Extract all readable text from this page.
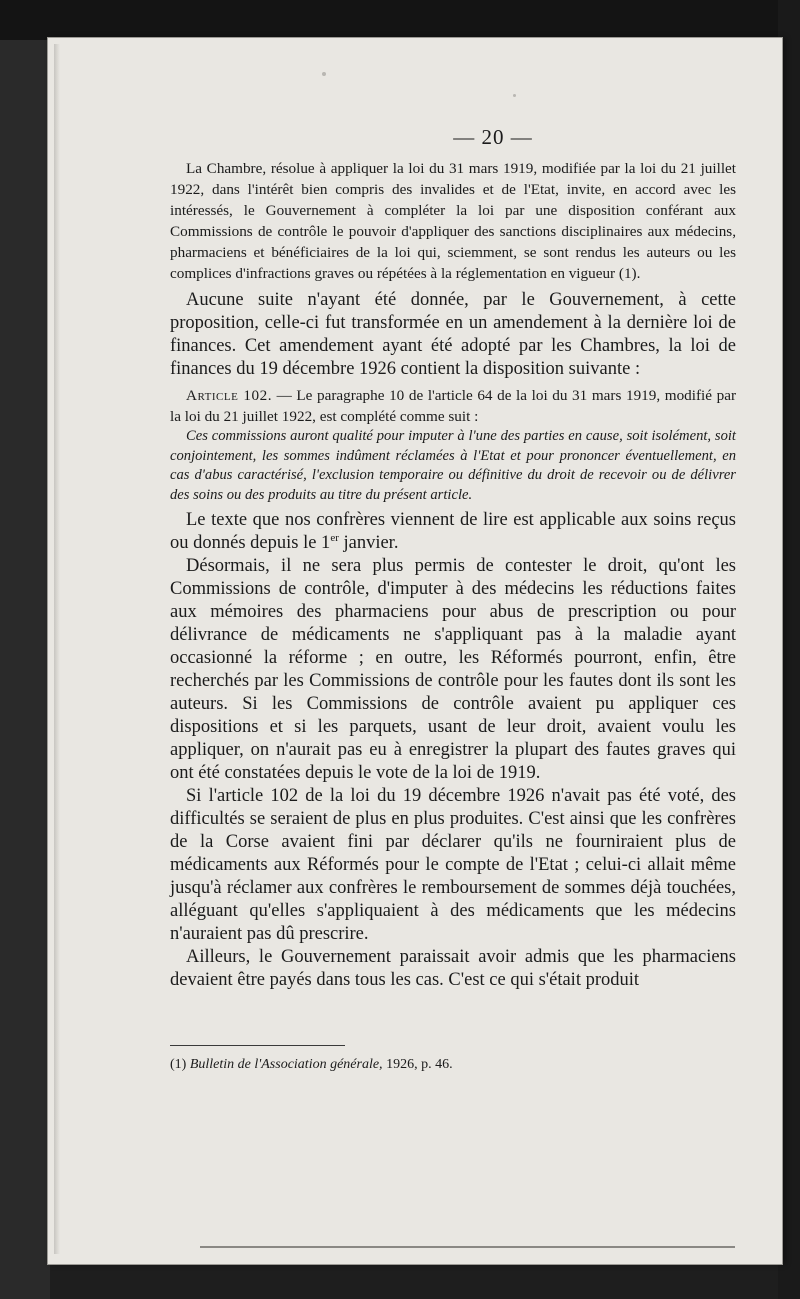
— 20 —

La Chambre, résolue à appliquer la loi du 31 mars 1919, modifiée par la loi du 21 juillet 1922, dans l'intérêt bien compris des invalides et de l'Etat, invite, en accord avec les intéressés, le Gouvernement à compléter la loi par une disposition conférant aux Commissions de contrôle le pouvoir d'appliquer des sanctions disciplinaires aux médecins, pharmaciens et bénéficiaires de la loi qui, sciemment, se sont rendus les auteurs ou les complices d'infractions graves ou répétées à la réglementation en vigueur (1).

Aucune suite n'ayant été donnée, par le Gouvernement, à cette proposition, celle-ci fut transformée en un amendement à la dernière loi de finances. Cet amendement ayant été adopté par les Chambres, la loi de finances du 19 décembre 1926 contient la disposition suivante :

Article 102. — Le paragraphe 10 de l'article 64 de la loi du 31 mars 1919, modifié par la loi du 21 juillet 1922, est complété comme suit :

Ces commissions auront qualité pour imputer à l'une des parties en cause, soit isolément, soit conjointement, les sommes indûment réclamées à l'Etat et pour prononcer éventuellement, en cas d'abus caractérisé, l'exclusion temporaire ou définitive du droit de recevoir ou de délivrer des soins ou des produits au titre du présent article.

Le texte que nos confrères viennent de lire est applicable aux soins reçus ou donnés depuis le 1er janvier.

Désormais, il ne sera plus permis de contester le droit, qu'ont les Commissions de contrôle, d'imputer à des médecins les réductions faites aux mémoires des pharmaciens pour abus de prescription ou pour délivrance de médicaments ne s'appliquant pas à la maladie ayant occasionné la réforme ; en outre, les Réformés pourront, enfin, être recherchés par les Commissions de contrôle pour les fautes dont ils sont les auteurs. Si les Commissions de contrôle avaient pu appliquer ces dispositions et si les parquets, usant de leur droit, avaient voulu les appliquer, on n'aurait pas eu à enregistrer la plupart des fautes graves qui ont été constatées depuis le vote de la loi de 1919.

Si l'article 102 de la loi du 19 décembre 1926 n'avait pas été voté, des difficultés se seraient de plus en plus produites. C'est ainsi que les confrères de la Corse avaient fini par déclarer qu'ils ne fourniraient plus de médicaments aux Réformés pour le compte de l'Etat ; celui-ci allait même jusqu'à réclamer aux confrères le remboursement de sommes déjà touchées, alléguant qu'elles s'appliquaient à des médicaments que les médecins n'auraient pas dû prescrire.

Ailleurs, le Gouvernement paraissait avoir admis que les pharmaciens devaient être payés dans tous les cas. C'est ce qui s'était produit

(1) Bulletin de l'Association générale, 1926, p. 46.
